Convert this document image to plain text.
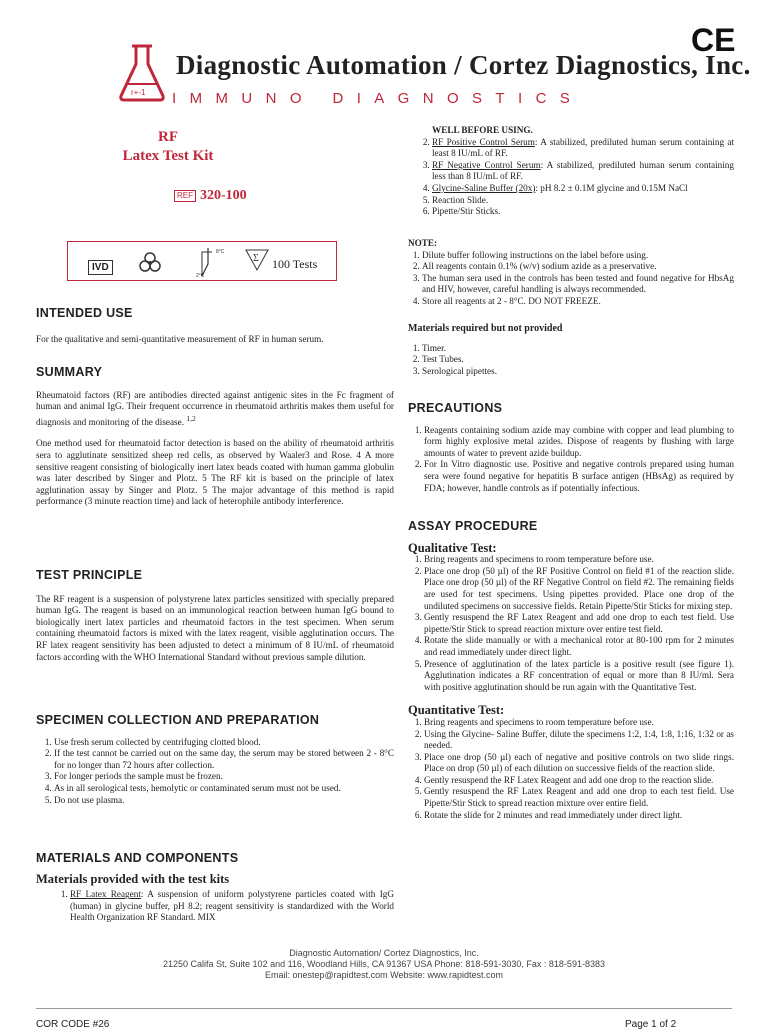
r+-1
Diagnostic Automation / Cortez Diagnostics, Inc.
IMMUNO DIAGNOSTICS
CE
RF
Latex Test Kit
REF 320-100
IVD
8°C
2°C
Σ 100 Tests
INTENDED USE

For the qualitative and semi-quantitative measurement of RF in human serum.

SUMMARY

Rheumatoid factors (RF) are antibodies directed against antigenic sites in the Fc fragment of human and animal IgG. Their frequent occurrence in rheumatoid arthritis makes them useful for diagnosis and monitoring of the disease. $^{1,2}$

One method used for rheumatoid factor detection is based on the ability of rheumatoid arthritis sera to agglutinate sensitized sheep red cells, as observed by Waaler3 and Rose. 4 A more sensitive reagent consisting of biologically inert latex beads coated with human gamma globulin was later described by Singer and Plotz. 5 The RF kit is based on the principle of latex agglutination assay by Singer and Plotz. 5 The major advantage of this method is rapid performance (3 minute reaction time) and lack of heterophile antibody interference.

TEST PRINCIPLE

The RF reagent is a suspension of polystyrene latex particles sensitized with specially prepared human IgG. The reagent is based on an immunological reaction between human IgG bound to biologically inert latex particles and rheumatoid factors in the test specimen. When serum containing rheumatoid factors is mixed with the latex reagent, visible agglutination occurs. The RF latex reagent sensitivity has been adjusted to detect a minimum of 8 IU/mL of rheumatoid factors according with the WHO International Standard without previous sample dilution.

SPECIMEN COLLECTION AND PREPARATION
1. Use fresh serum collected by centrifuging clotted blood.
2. If the test cannot be carried out on the same day, the serum may be stored between 2 - 8°C for no longer than 72 hours after collection.
3. For longer periods the sample must be frozen.
4. As in all serological tests, hemolytic or contaminated serum must not be used.
5. Do not use plasma.
MATERIALS AND COMPONENTS
Materials provided with the test kits
1. RF Latex Reagent: A suspension of uniform polystyrene particles coated with IgG (human) in glycine buffer, pH 8.2; reagent sensitivity is standardized with the World Health Organization RF Standard. MIX
WELL BEFORE USING.
2. RF Positive Control Serum: A stabilized, prediluted human serum containing at least 8 IU/mL of RF.
3. RF Negative Control Serum: A stabilized, prediluted human serum containing less than 8 IU/mL of RF.
4. Glycine-Saline Buffer (20x): pH 8.2 ± 0.1M glycine and 0.15M NaCl
5. Reaction Slide.
6. Pipette/Stir Sticks.
NOTE:
1. Dilute buffer following instructions on the label before using.
2. All reagents contain 0.1% (w/v) sodium azide as a preservative.
3. The human sera used in the controls has been tested and found negative for HbsAg and HIV, however, careful handling is always recommended.
4. Store all reagents at 2 - 8°C. DO NOT FREEZE.
Materials required but not provided
1. Timer.
2. Test Tubes.
3. Serological pipettes.
PRECAUTIONS
1. Reagents containing sodium azide may combine with copper and lead plumbing to form highly explosive metal azides. Dispose of reagents by flushing with large amounts of water to prevent azide buildup.
2. For In Vitro diagnostic use. Positive and negative controls prepared using human sera were found negative for hepatitis B surface antigen (HBsAg) as required by FDA; however, handle controls as if potentially infectious.
ASSAY PROCEDURE
Qualitative Test:
1. Bring reagents and specimens to room temperature before use.
2. Place one drop (50 µl) of the RF Positive Control on field #1 of the reaction slide. Place one drop (50 µl) of the RF Negative Control on field #2. The remaining fields are used for test specimens. Using pipettes provided. Place one drop of the undiluted specimens on successive fields. Retain Pipette/Stir Sticks for mixing step.
3. Gently resuspend the RF Latex Reagent and add one drop to each test field. Use pipette/Stir Stick to spread reaction mixture over entire test field.
4. Rotate the slide manually or with a mechanical rotor at 80-100 rpm for 2 minutes and read immediately under direct light.
5. Presence of agglutination of the latex particle is a positive result (see figure 1). Agglutination indicates a RF concentration of equal or more than 8 IU/ml. Sera with positive agglutination should be run again with the Quantitative Test.
Quantitative Test:
1. Bring reagents and specimens to room temperature before use.
2. Using the Glycine- Saline Buffer, dilute the specimens 1:2, 1:4, 1:8, 1:16, 1:32 or as needed.
3. Place one drop (50 µl) each of negative and positive controls on two slide rings. Place on drop (50 µl) of each dilution on successive fields of the reaction slide.
4. Gently resuspend the RF Latex Reagent and add one drop to the reaction slide.
5. Gently resuspend the RF Latex Reagent and add one drop to each test field. Use Pipette/Stir Stick to spread reaction mixture over entire field.
6. Rotate the slide for 2 minutes and read immediately under direct light.
Diagnostic Automation/ Cortez Diagnostics, Inc.
21250 Califa St, Suite 102 and 116, Woodland Hills, CA 91367 USA Phone: 818-591-3030, Fax : 818-591-8383
Email: onestep@rapidtest.com Website: www.rapidtest.com
COR CODE #26	Page 1 of 2
